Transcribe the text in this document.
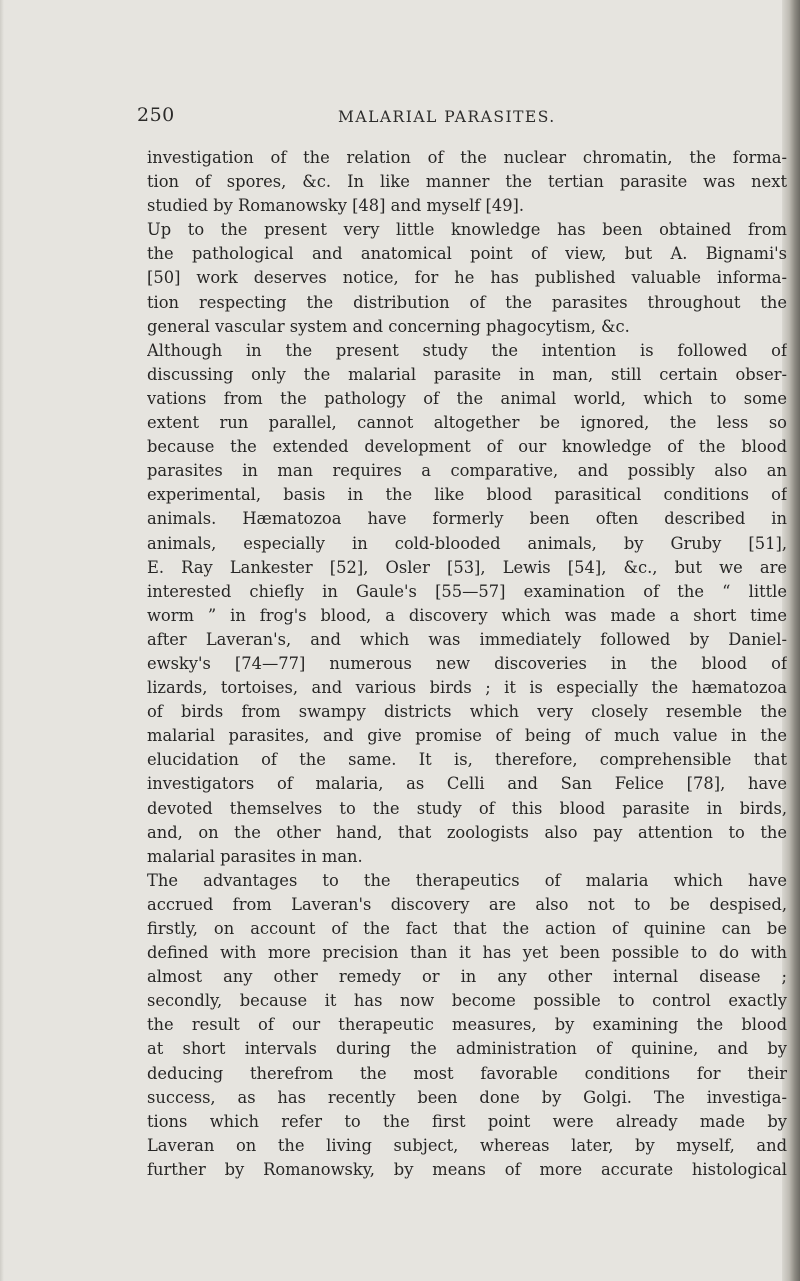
250	MALARIAL PARASITES.
investigation of the relation of the nuclear chromatin, the forma-
tion of spores, &c. In like manner the tertian parasite was next
studied by Romanowsky [48] and myself [49].
Up to the present very little knowledge has been obtained from
the pathological and anatomical point of view, but A. Bignami's
[50] work deserves notice, for he has published valuable informa-
tion respecting the distribution of the parasites throughout the
general vascular system and concerning phagocytism, &c.
Although in the present study the intention is followed of
discussing only the malarial parasite in man, still certain obser-
vations from the pathology of the animal world, which to some
extent run parallel, cannot altogether be ignored, the less so
because the extended development of our knowledge of the blood
parasites in man requires a comparative, and possibly also an
experimental, basis in the like blood parasitical conditions of
animals. Hæmatozoa have formerly been often described in
animals, especially in cold-blooded animals, by Gruby [51],
E. Ray Lankester [52], Osler [53], Lewis [54], &c., but we are
interested chiefly in Gaule's [55—57] examination of the “ little
worm ” in frog's blood, a discovery which was made a short time
after Laveran's, and which was immediately followed by Daniel-
ewsky's [74—77] numerous new discoveries in the blood of
lizards, tortoises, and various birds ; it is especially the hæmatozoa
of birds from swampy districts which very closely resemble the
malarial parasites, and give promise of being of much value in the
elucidation of the same. It is, therefore, comprehensible that
investigators of malaria, as Celli and San Felice [78], have
devoted themselves to the study of this blood parasite in birds,
and, on the other hand, that zoologists also pay attention to the
malarial parasites in man.
The advantages to the therapeutics of malaria which have
accrued from Laveran's discovery are also not to be despised,
firstly, on account of the fact that the action of quinine can be
defined with more precision than it has yet been possible to do with
almost any other remedy or in any other internal disease ;
secondly, because it has now become possible to control exactly
the result of our therapeutic measures, by examining the blood
at short intervals during the administration of quinine, and by
deducing therefrom the most favorable conditions for their
success, as has recently been done by Golgi. The investiga-
tions which refer to the first point were already made by
Laveran on the living subject, whereas later, by myself, and
further by Romanowsky, by means of more accurate histological
